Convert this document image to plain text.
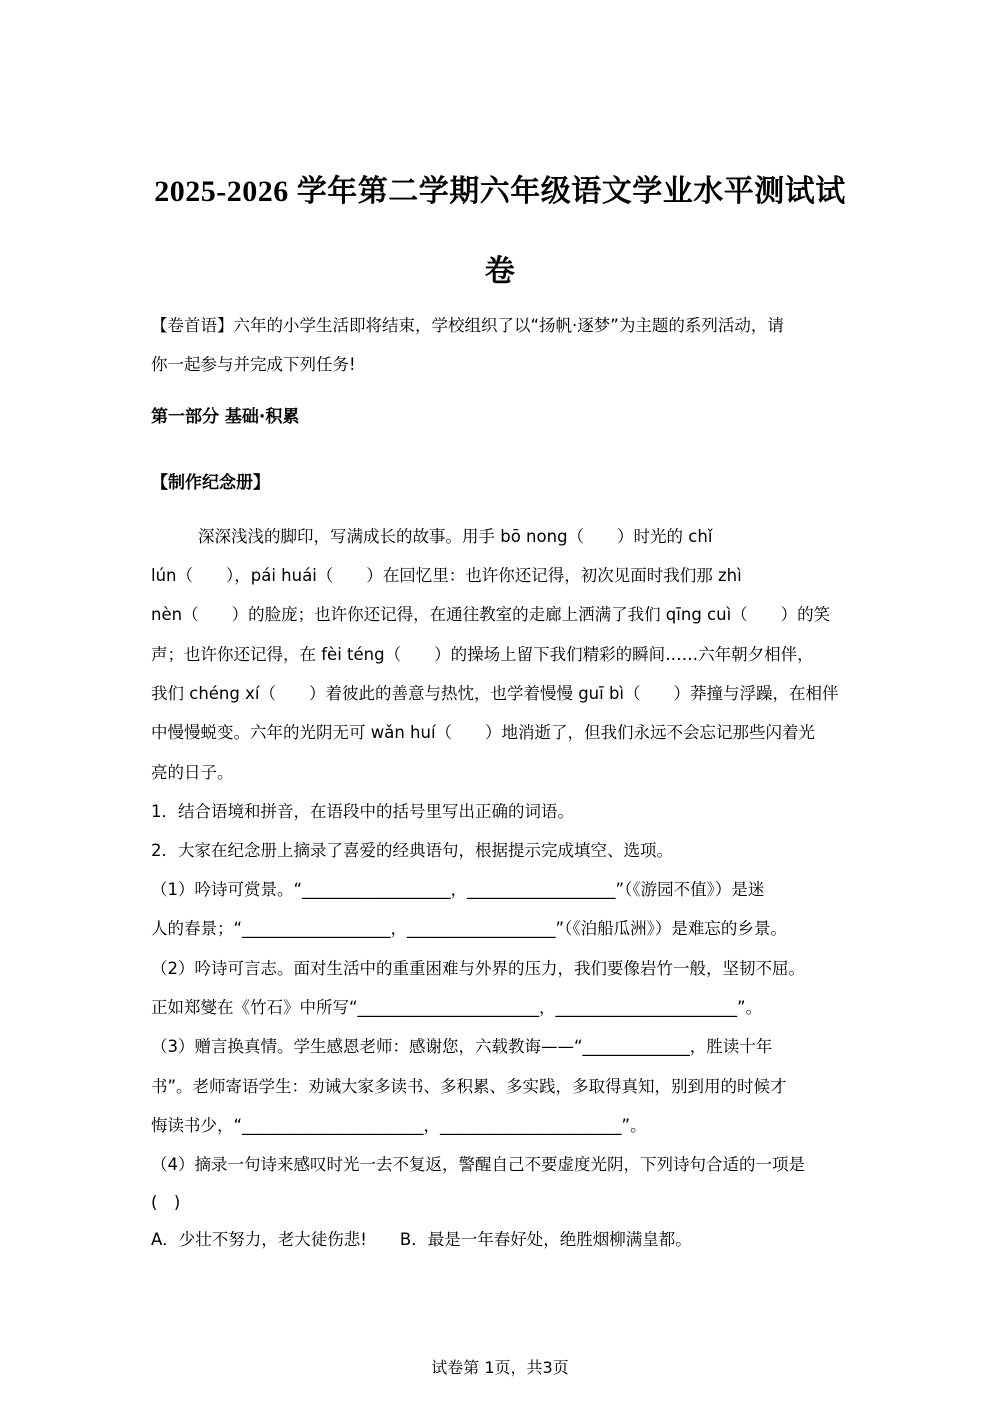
2025-2026 学年第二学期六年级语文学业水平测试试
卷
【卷首语】六年的小学生活即将结束，学校组织了以“扬帆·逐梦”为主题的系列活动，请
你一起参与并完成下列任务!
第一部分 基础·积累
【制作纪念册】
深深浅浅的脚印，写满成长的故事。用手 bō nong（　　）时光的 chǐ
lún（　　），pái huái（　　）在回忆里：也许你还记得，初次见面时我们那 zhì
nèn（　　）的脸庞；也许你还记得，在通往教室的走廊上洒满了我们 qīng cuì（　　）的笑
声；也许你还记得，在 fèi téng（　　）的操场上留下我们精彩的瞬间……六年朝夕相伴，
我们 chéng xí（　　）着彼此的善意与热忱，也学着慢慢 guī bì（　　）莽撞与浮躁，在相伴
中慢慢蜕变。六年的光阴无可 wǎn huí（　　）地消逝了，但我们永远不会忘记那些闪着光
亮的日子。
1．结合语境和拼音，在语段中的括号里写出正确的词语。
2．大家在纪念册上摘录了喜爱的经典语句，根据提示完成填空、选项。
（1）吟诗可赏景。“__________________，__________________”（《游园不值》）是迷
人的春景；“__________________，__________________”（《泊船瓜洲》）是难忘的乡景。
（2）吟诗可言志。面对生活中的重重困难与外界的压力，我们要像岩竹一般，坚韧不屈。
正如郑燮在《竹石》中所写“______________________，______________________”。
（3）赠言换真情。学生感恩老师：感谢您，六载教诲——“_____________，胜读十年
书”。老师寄语学生：劝诫大家多读书、多积累、多实践，多取得真知，别到用的时候才
悔读书少，“______________________，______________________”。
（4）摘录一句诗来感叹时光一去不复返，警醒自己不要虚度光阴，下列诗句合适的一项是
(　)
A．少壮不努力，老大徒伤悲!　　B．最是一年春好处，绝胜烟柳满皇都。
试卷第 1页，共3页
